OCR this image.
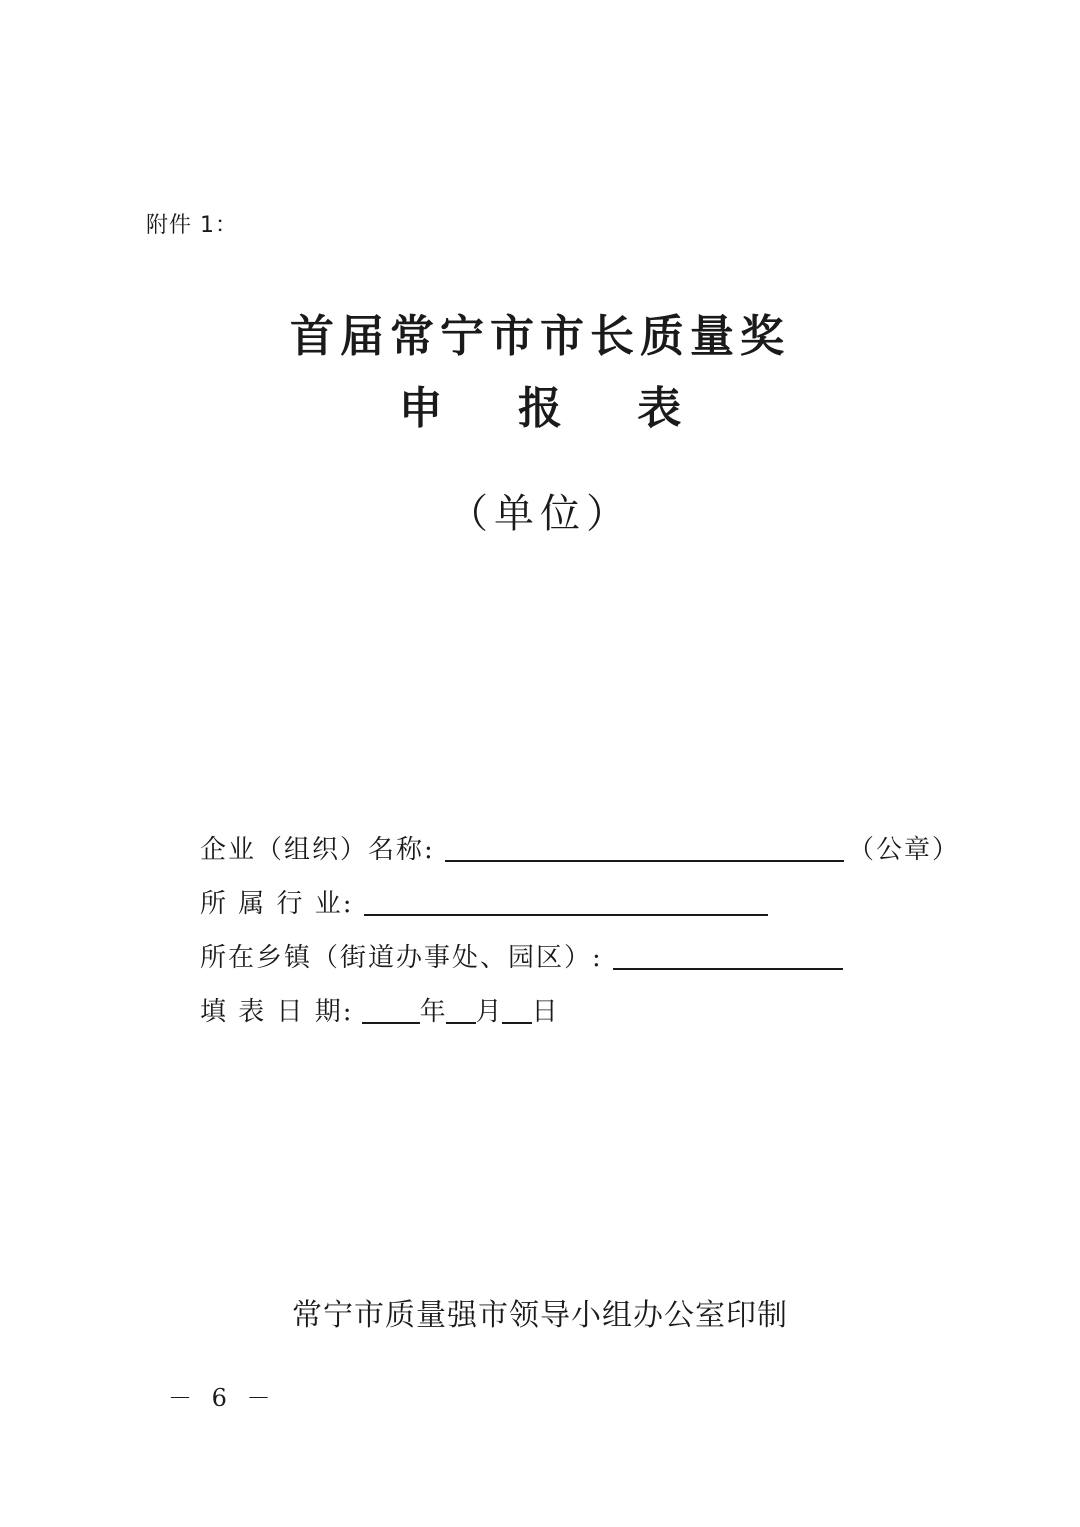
附件 1：
首届常宁市市长质量奖
申 报 表
（单位）
企业（组织）名称:	（公章）
所 属 行 业:
所在乡镇（街道办事处、园区）:
填 表 日 期:	年 月 日
常宁市质量强市领导小组办公室印制
－ 6 －
